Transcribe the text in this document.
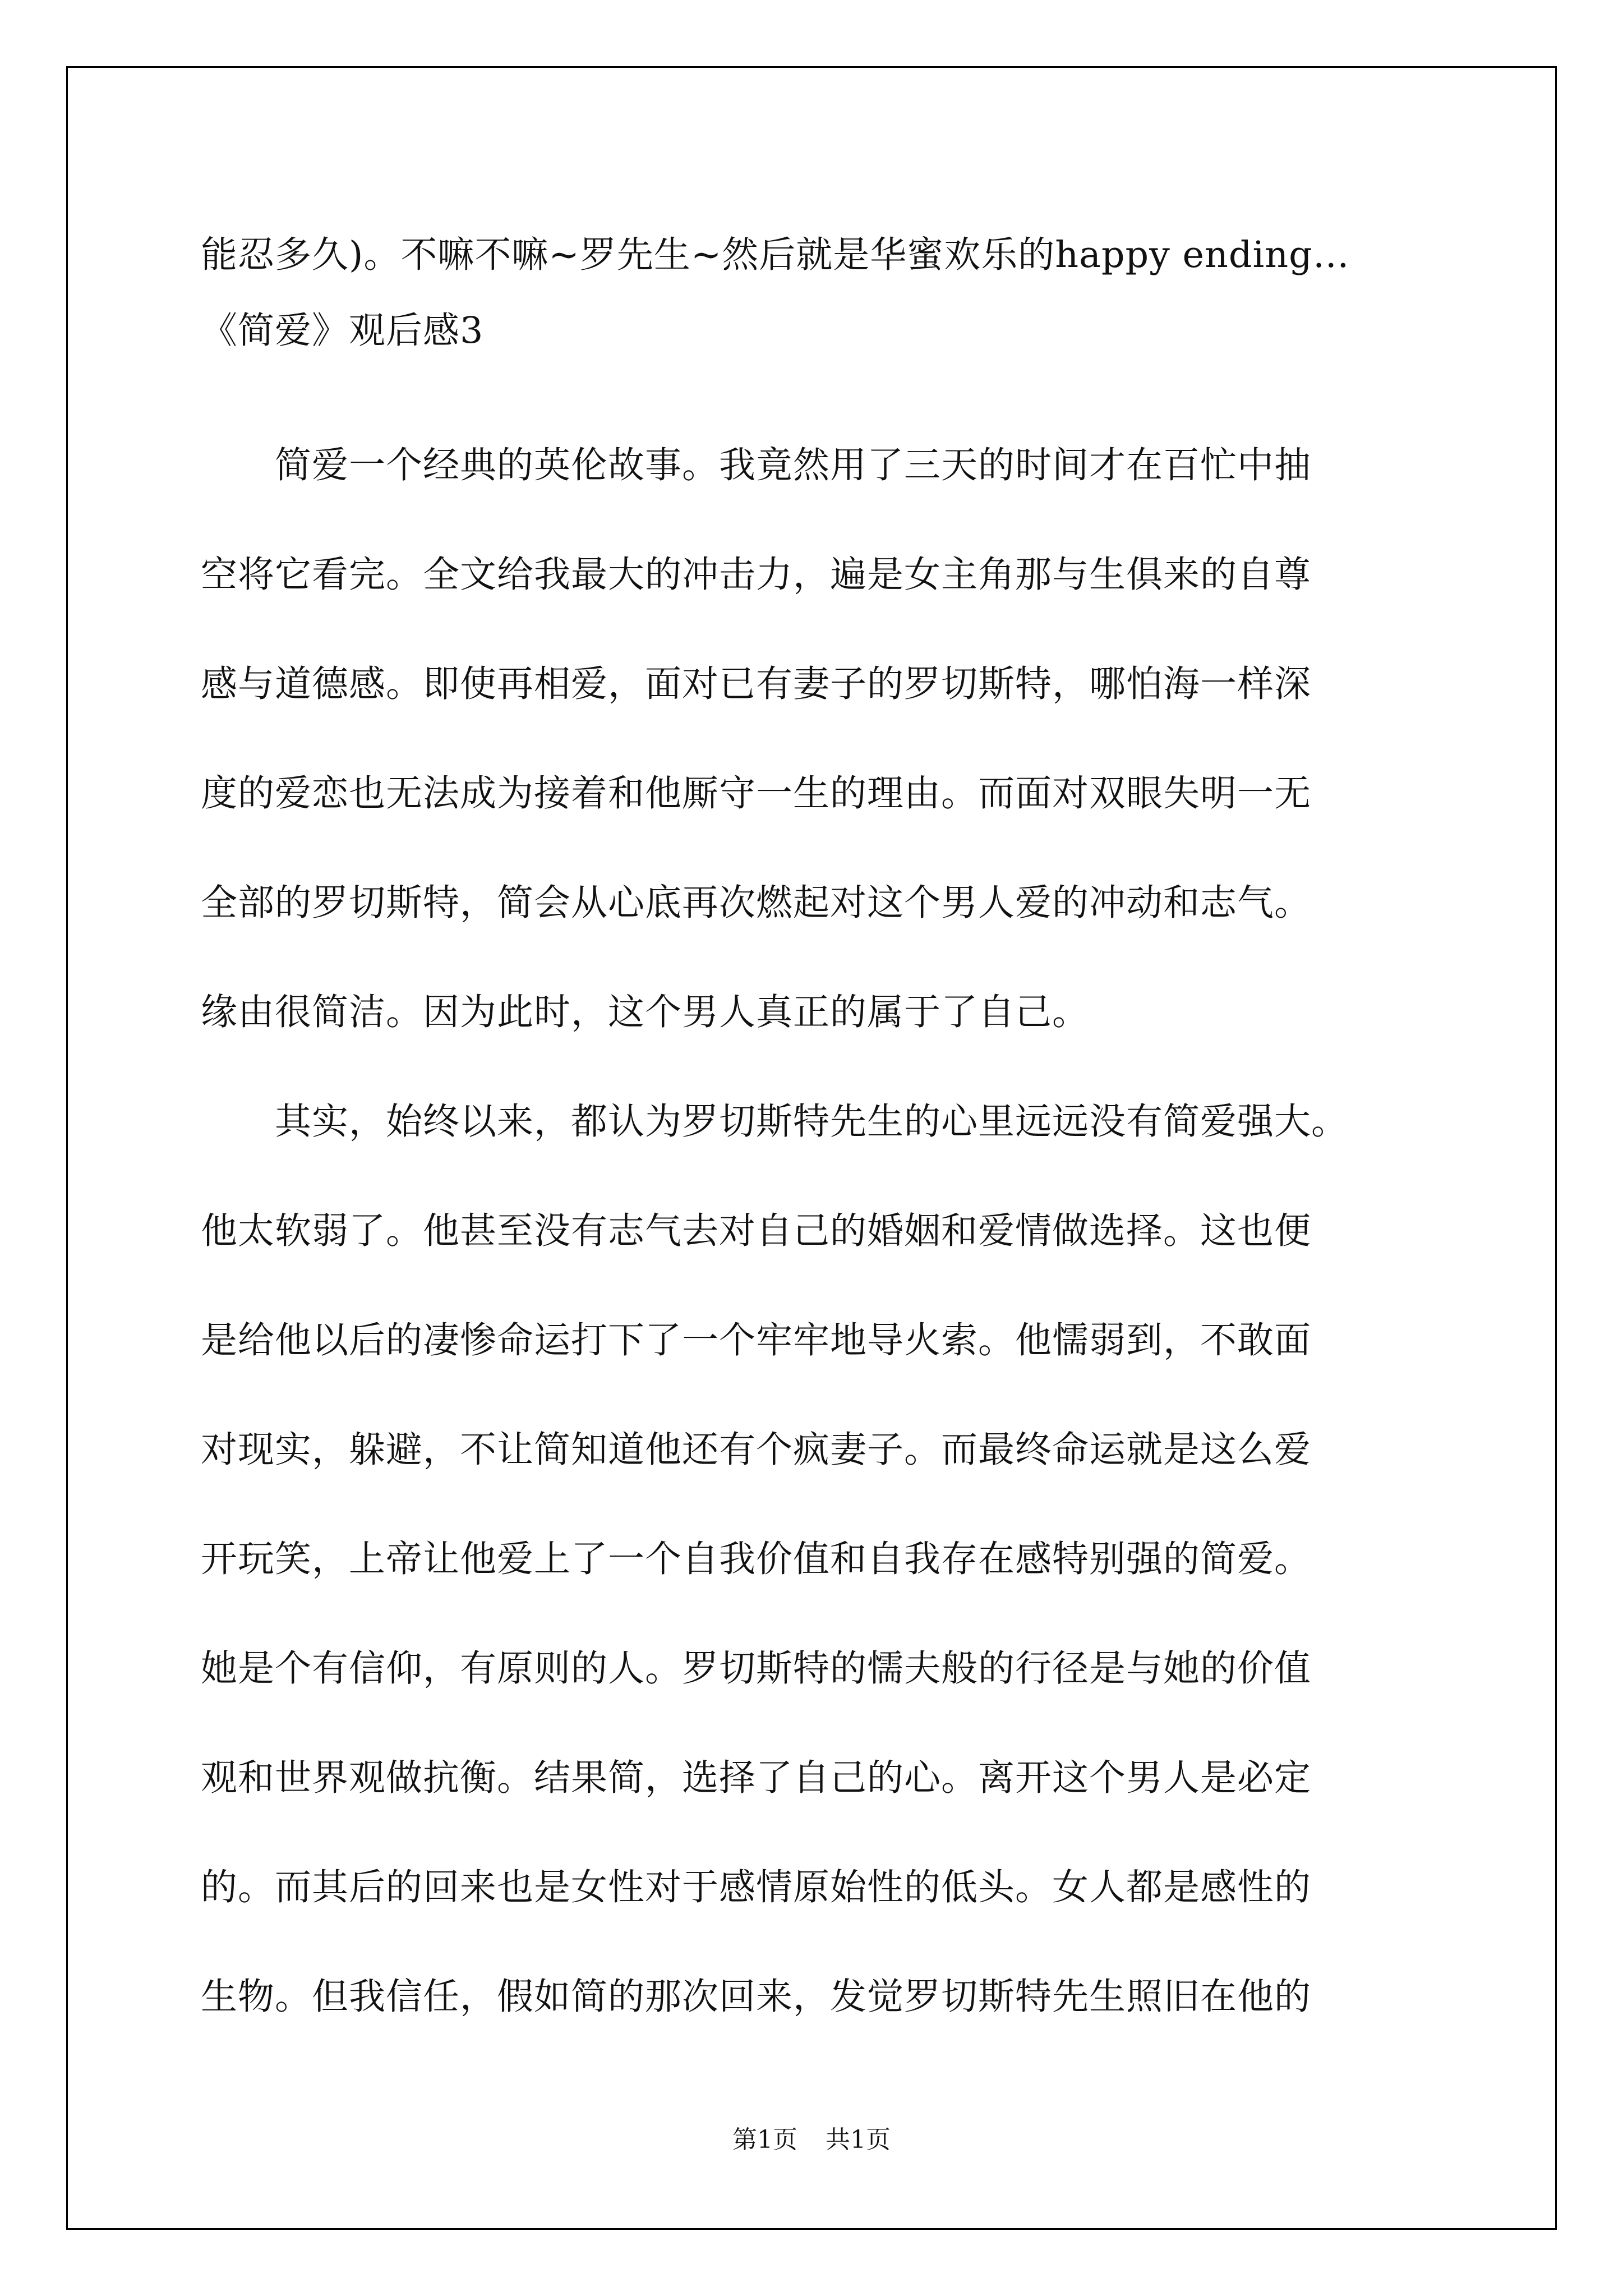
能忍多久)。不嘛不嘛~罗先生~然后就是华蜜欢乐的happy ending…
《简爱》观后感3
　　简爱一个经典的英伦故事。我竟然用了三天的时间才在百忙中抽
空将它看完。全文给我最大的冲击力，遍是女主角那与生俱来的自尊
感与道德感。即使再相爱，面对已有妻子的罗切斯特，哪怕海一样深
度的爱恋也无法成为接着和他厮守一生的理由。而面对双眼失明一无
全部的罗切斯特，简会从心底再次燃起对这个男人爱的冲动和志气。
缘由很简洁。因为此时，这个男人真正的属于了自己。
　　其实，始终以来，都认为罗切斯特先生的心里远远没有简爱强大。
他太软弱了。他甚至没有志气去对自己的婚姻和爱情做选择。这也便
是给他以后的凄惨命运打下了一个牢牢地导火索。他懦弱到，不敢面
对现实，躲避，不让简知道他还有个疯妻子。而最终命运就是这么爱
开玩笑，上帝让他爱上了一个自我价值和自我存在感特别强的简爱。
她是个有信仰，有原则的人。罗切斯特的懦夫般的行径是与她的价值
观和世界观做抗衡。结果简，选择了自己的心。离开这个男人是必定
的。而其后的回来也是女性对于感情原始性的低头。女人都是感性的
生物。但我信任，假如简的那次回来，发觉罗切斯特先生照旧在他的
第1页 共1页
